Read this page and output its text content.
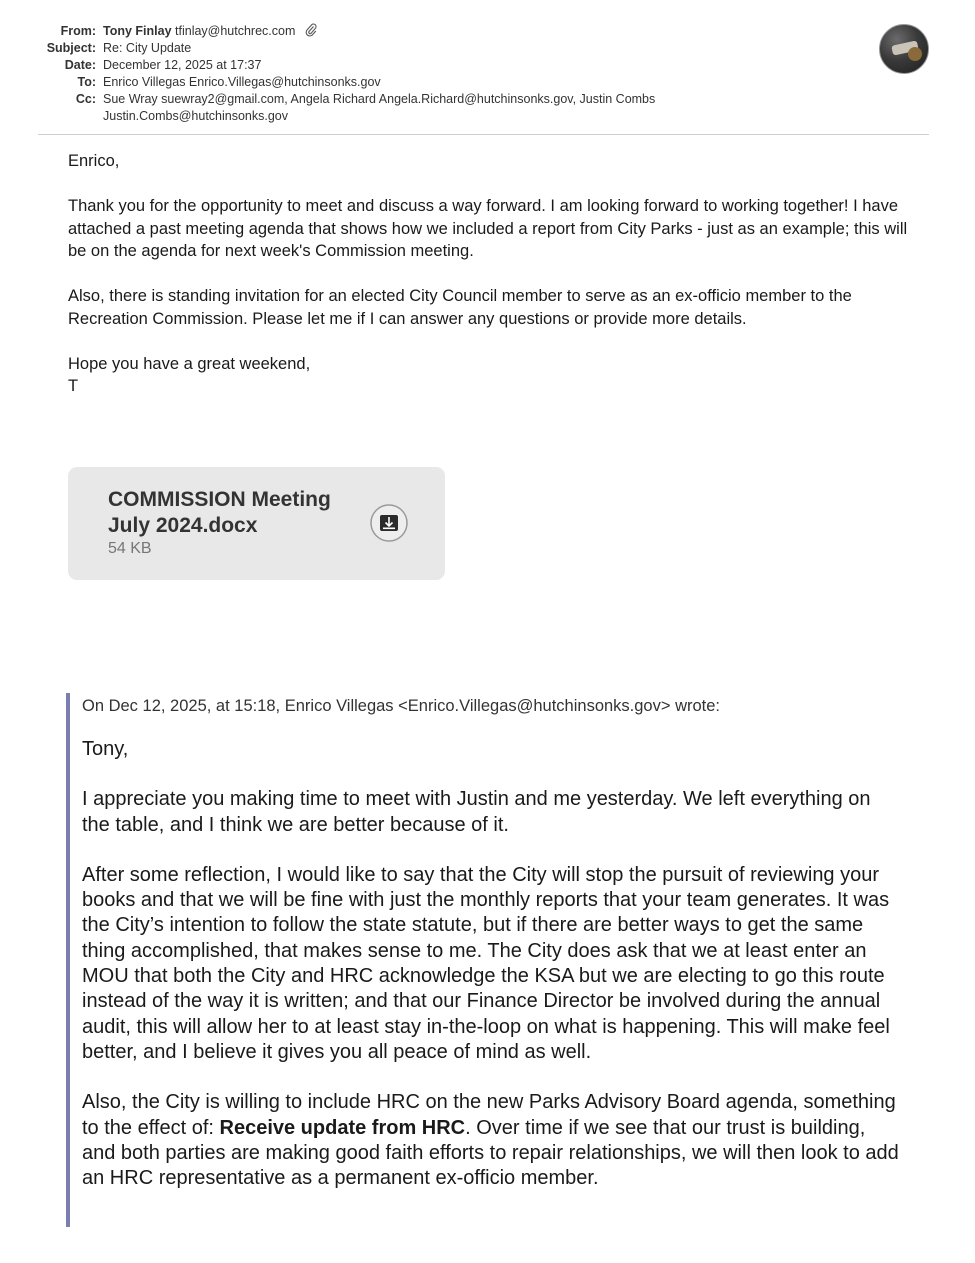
From: Tony Finlay tfinlay@hutchrec.com
Subject: Re: City Update
Date: December 12, 2025 at 17:37
To: Enrico Villegas Enrico.Villegas@hutchinsonks.gov
Cc: Sue Wray suewray2@gmail.com, Angela Richard Angela.Richard@hutchinsonks.gov, Justin Combs
Justin.Combs@hutchinsonks.gov

Enrico,

Thank you for the opportunity to meet and discuss a way forward. I am looking forward to working together! I have attached a past meeting agenda that shows how we included a report from City Parks - just as an example; this will be on the agenda for next week's Commission meeting.

Also, there is standing invitation for an elected City Council member to serve as an ex-officio member to the Recreation Commission. Please let me if I can answer any questions or provide more details.

Hope you have a great weekend,
T
COMMISSION Meeting
July 2024.docx
54 KB

On Dec 12, 2025, at 15:18, Enrico Villegas <Enrico.Villegas@hutchinsonks.gov> wrote:

Tony,

I appreciate you making time to meet with Justin and me yesterday. We left everything on the table, and I think we are better because of it.

After some reflection, I would like to say that the City will stop the pursuit of reviewing your books and that we will be fine with just the monthly reports that your team generates. It was the City’s intention to follow the state statute, but if there are better ways to get the same thing accomplished, that makes sense to me. The City does ask that we at least enter an MOU that both the City and HRC acknowledge the KSA but we are electing to go this route instead of the way it is written; and that our Finance Director be involved during the annual audit, this will allow her to at least stay in-the-loop on what is happening. This will make feel better, and I believe it gives you all peace of mind as well.

Also, the City is willing to include HRC on the new Parks Advisory Board agenda, something to the effect of: Receive update from HRC. Over time if we see that our trust is building, and both parties are making good faith efforts to repair relationships, we will then look to add an HRC representative as a permanent ex-officio member.
